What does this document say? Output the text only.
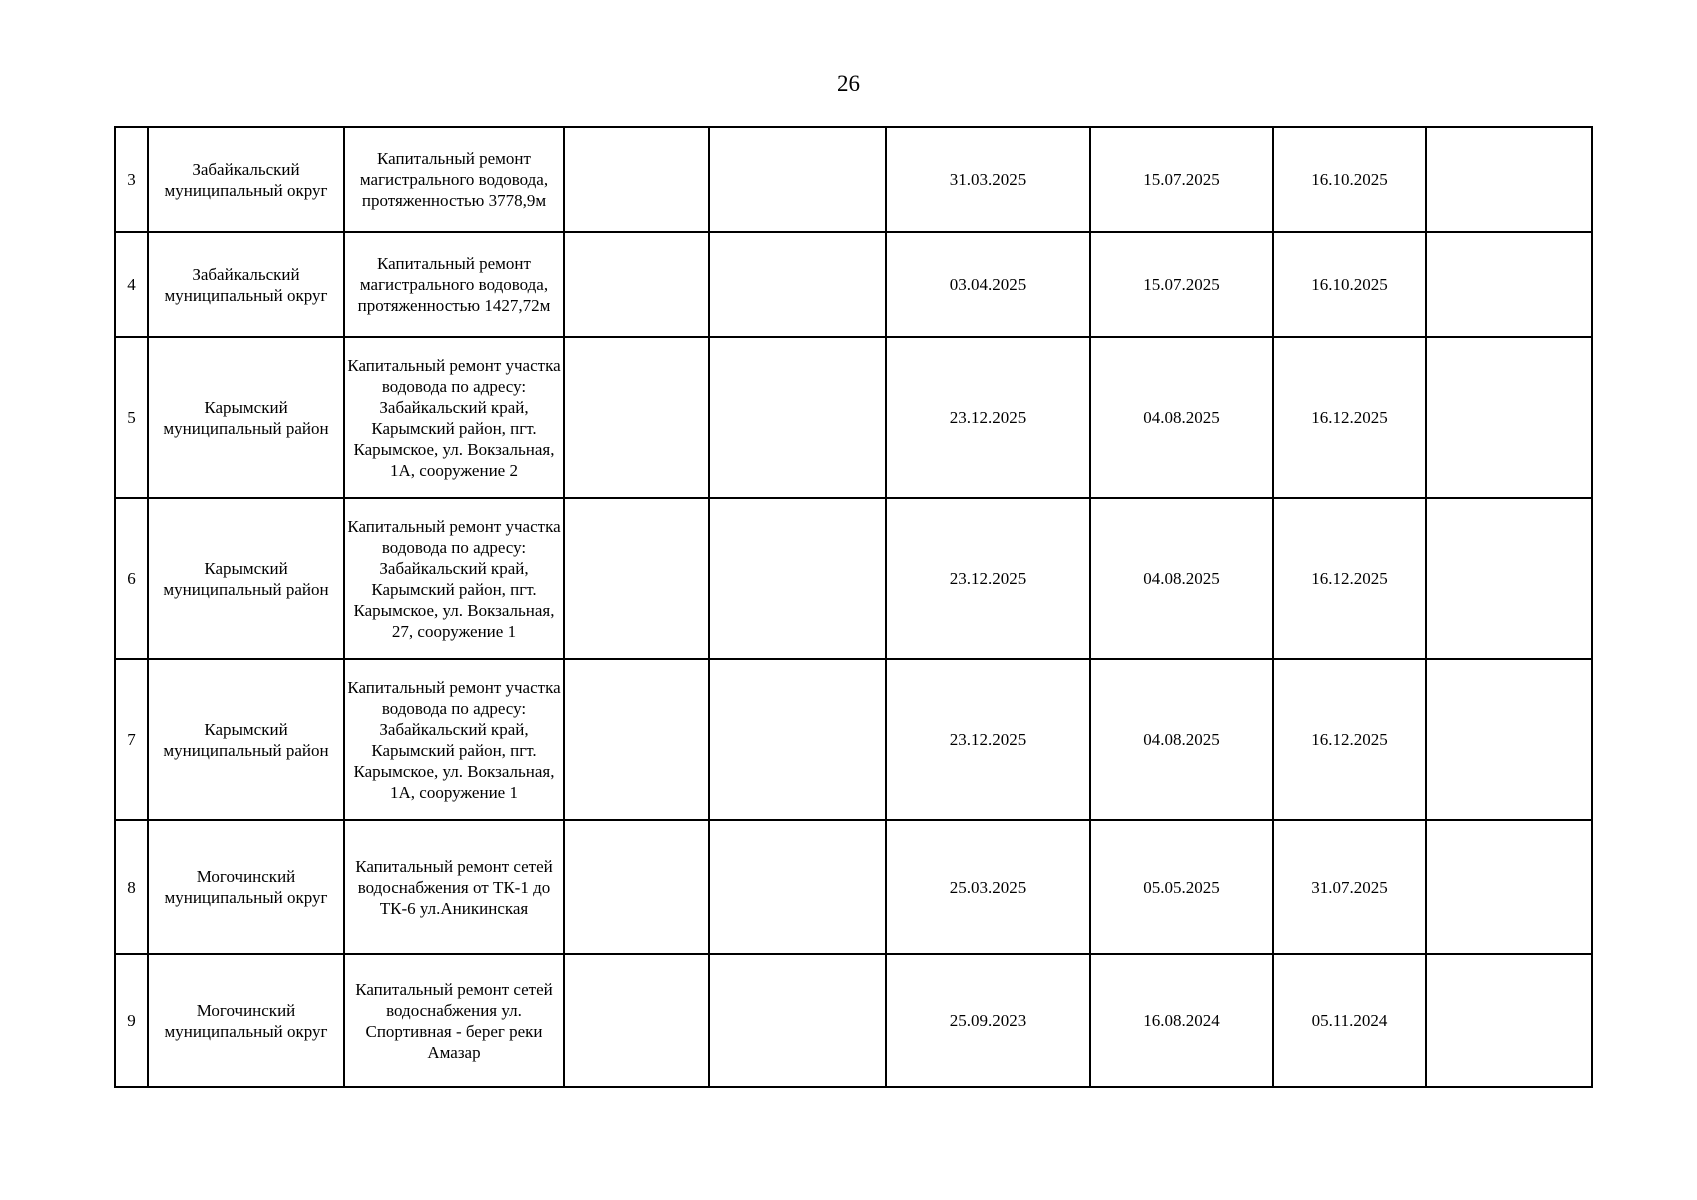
26
3	Забайкальский муниципальный округ	Капитальный ремонт магистрального водовода, протяженностью 3778,9м			31.03.2025	15.07.2025	16.10.2025	
4	Забайкальский муниципальный округ	Капитальный ремонт магистрального водовода, протяженностью 1427,72м			03.04.2025	15.07.2025	16.10.2025	
5	Карымский муниципальный район	Капитальный ремонт участка водовода по адресу: Забайкальский край, Карымский район, пгт. Карымское, ул. Вокзальная, 1А, сооружение 2			23.12.2025	04.08.2025	16.12.2025	
6	Карымский муниципальный район	Капитальный ремонт участка водовода по адресу: Забайкальский край, Карымский район, пгт. Карымское, ул. Вокзальная, 27, сооружение 1			23.12.2025	04.08.2025	16.12.2025	
7	Карымский муниципальный район	Капитальный ремонт участка водовода по адресу: Забайкальский край, Карымский район, пгт. Карымское, ул. Вокзальная, 1А, сооружение 1			23.12.2025	04.08.2025	16.12.2025	
8	Могочинский муниципальный округ	Капитальный ремонт сетей водоснабжения от ТК-1 до ТК-6 ул.Аникинская			25.03.2025	05.05.2025	31.07.2025	
9	Могочинский муниципальный округ	Капитальный ремонт сетей водоснабжения ул. Спортивная - берег реки Амазар			25.09.2023	16.08.2024	05.11.2024	
